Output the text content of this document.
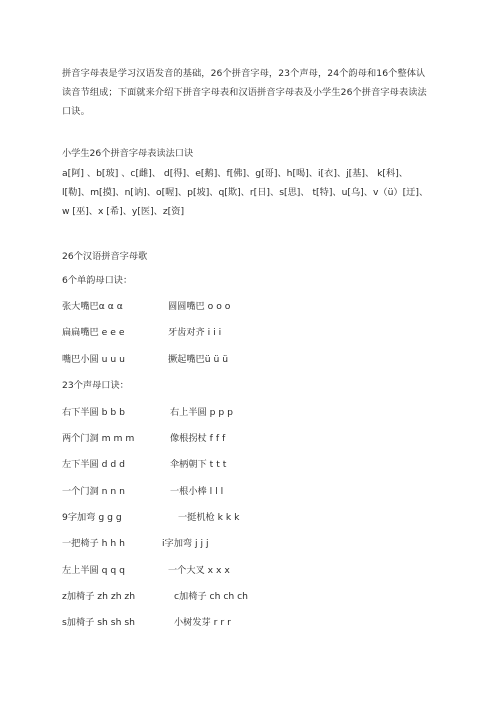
拼音字母表是学习汉语发音的基础，26个拼音字母，23个声母，24个韵母和16个整体认读音节组成；下面就来介绍下拼音字母表和汉语拼音字母表及小学生26个拼音字母表读法口诀。
小学生26个拼音字母表读法口诀
a[阿] 、b[玻] 、c[雌]、 d[得]、e[鹅]、f[佛]、g[哥]、h[喝]、i[衣]、j[基]、 k[科]、l[勒]、m[摸]、n[讷]、o[喔]、p[坡]、q[欺]、r[日]、s[思]、 t[特]、u[乌]、v（ü）[迂]、w [巫]、x [希]、y[医]、z[资]
26个汉语拼音字母歌
6个单韵母口诀：
张大嘴巴α α α	圆圆嘴巴 o o o
扁扁嘴巴 e e e	牙齿对齐 i i i
嘴巴小圆 u u u	撅起嘴巴ü ü ü
23个声母口诀：
右下半圆 b b b	右上半圆 p p p
两个门洞 m m m	像根拐杖 f f f
左下半圆 d d d	伞柄朝下 t t t
一个门洞 n n n	一根小棒 l l l
9字加弯 g g g	一挺机枪 k k k
一把椅子 h h h	i字加弯 j j j
左上半圆 q q q	一个大叉 x x x
z加椅子 zh zh zh	c加椅子 ch ch ch
s加椅子 sh sh sh	小树发芽 r r r
